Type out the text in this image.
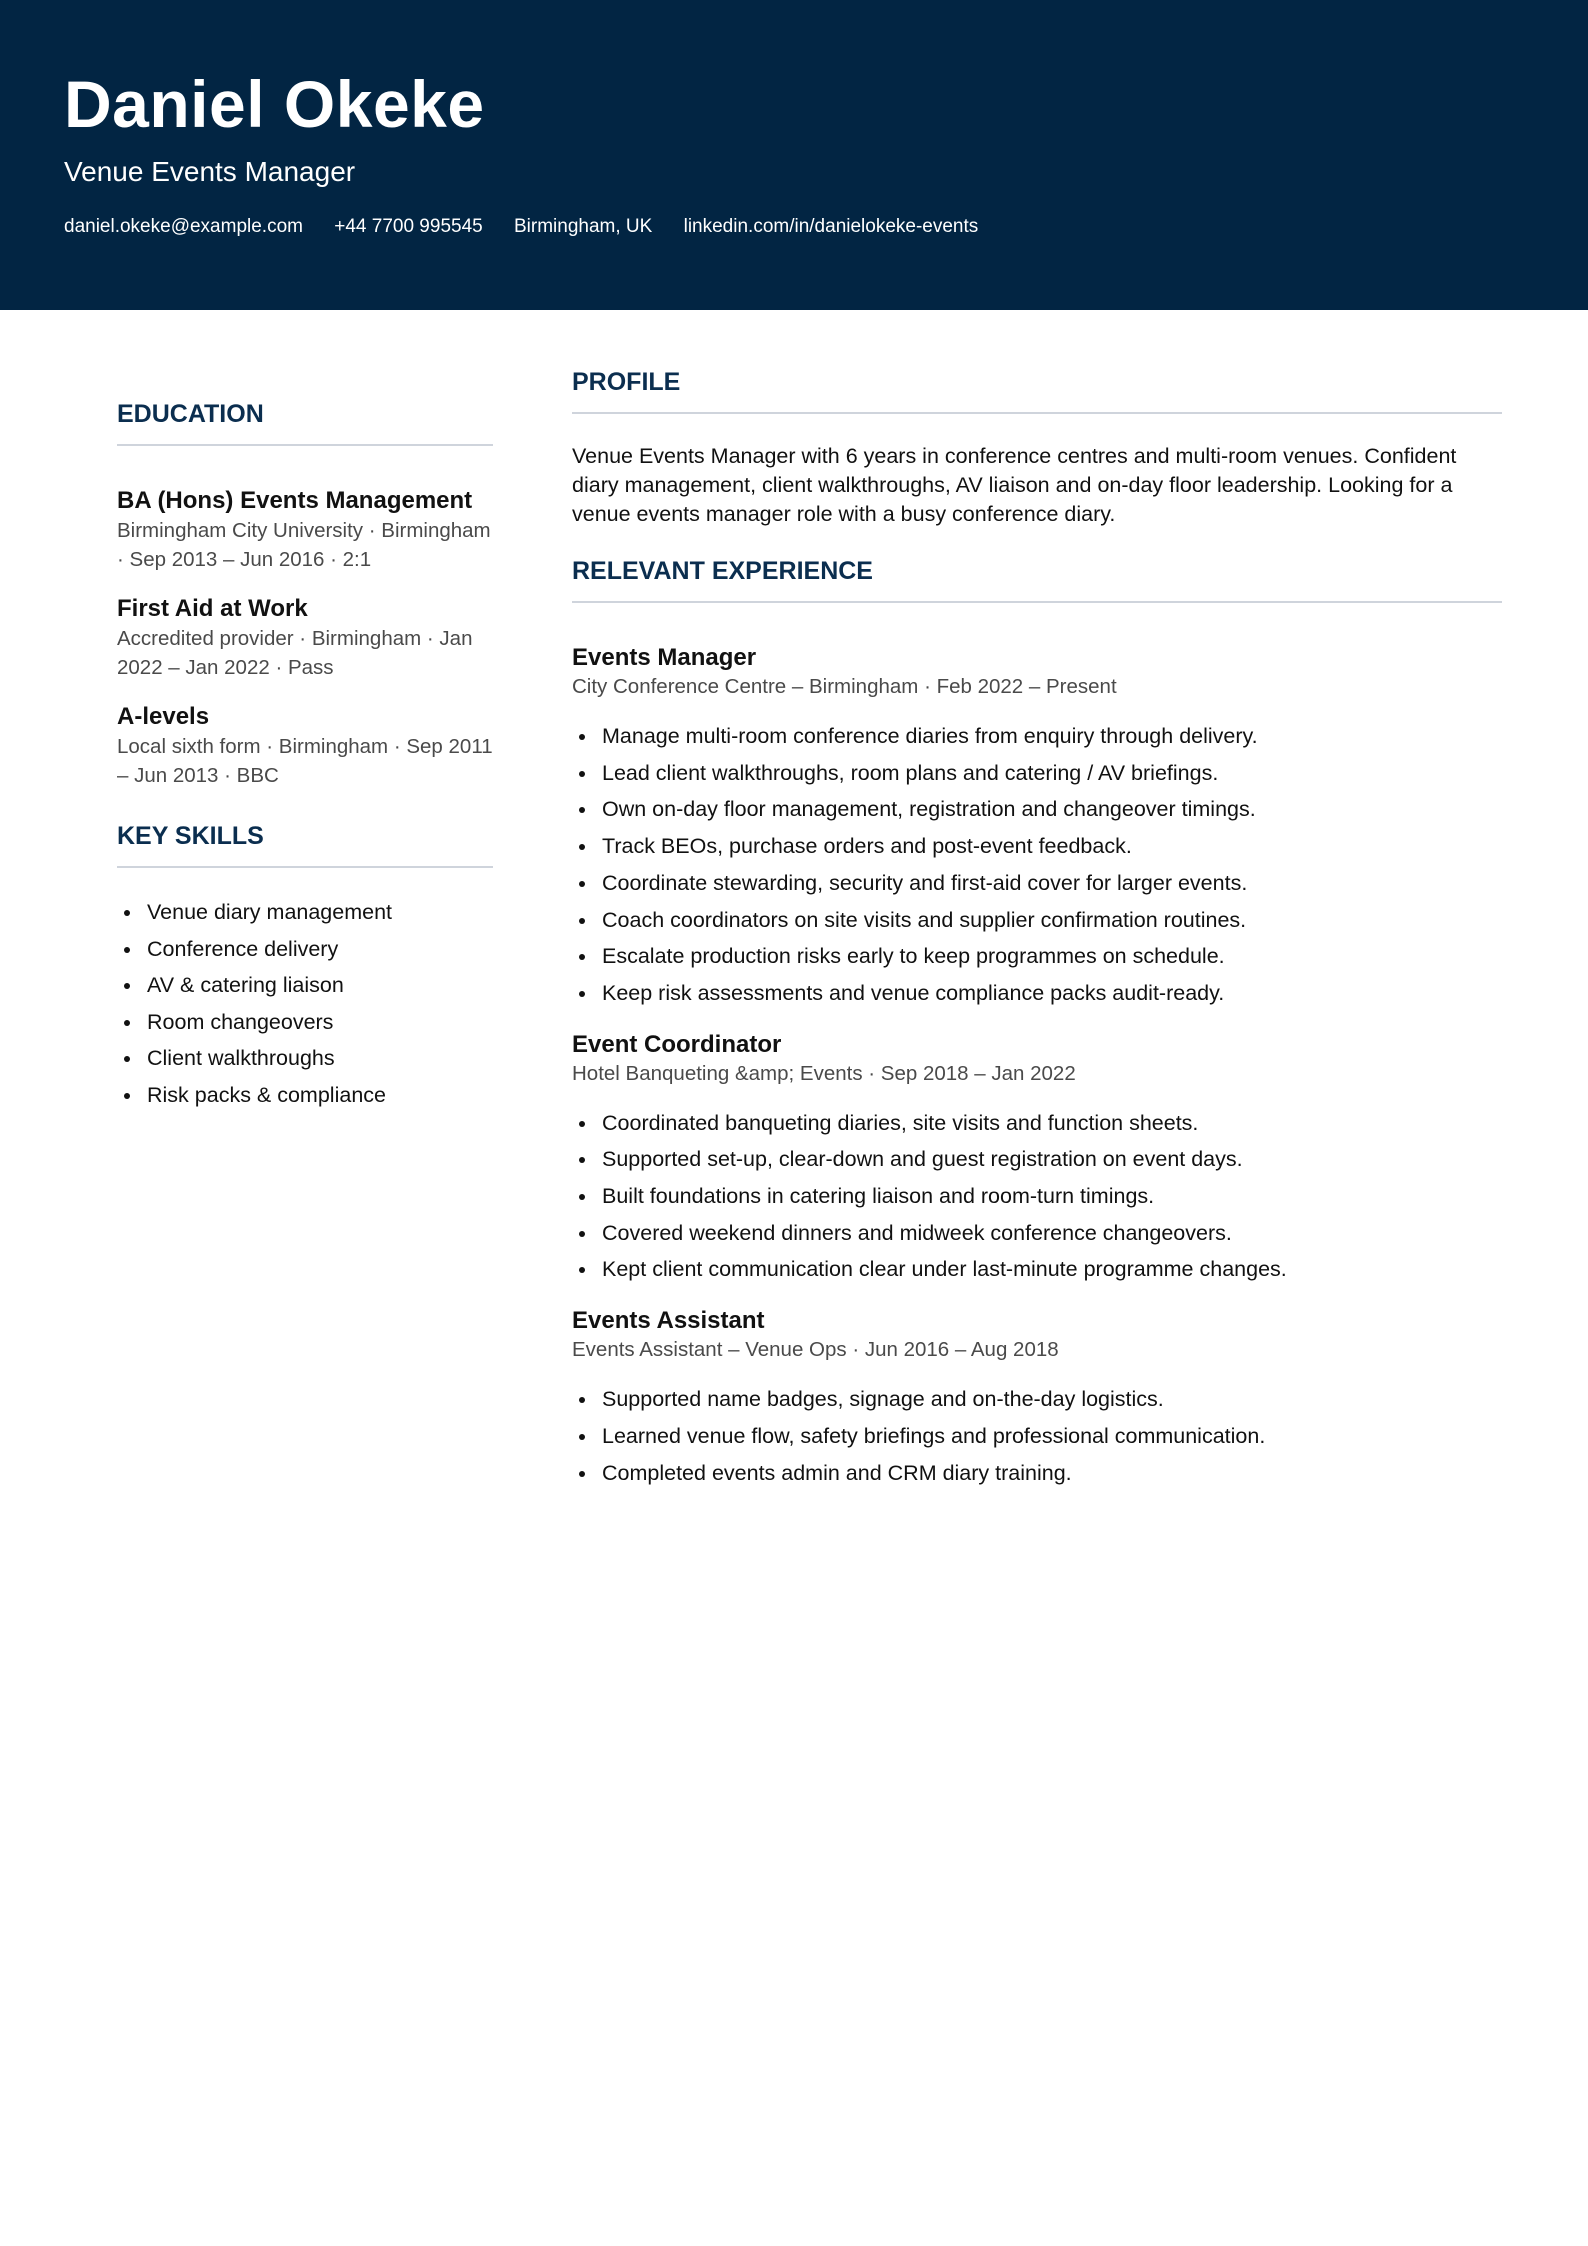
Daniel Okeke
Venue Events Manager
daniel.okeke@example.com +44 7700 995545 Birmingham, UK linkedin.com/in/danielokeke-events
EDUCATION
BA (Hons) Events Management
Birmingham City University · Birmingham · Sep 2013 – Jun 2016 · 2:1
First Aid at Work
Accredited provider · Birmingham · Jan 2022 – Jan 2022 · Pass
A-levels
Local sixth form · Birmingham · Sep 2011 – Jun 2013 · BBC
KEY SKILLS
Venue diary management
Conference delivery
AV & catering liaison
Room changeovers
Client walkthroughs
Risk packs & compliance
PROFILE
Venue Events Manager with 6 years in conference centres and multi-room venues. Confident diary management, client walkthroughs, AV liaison and on-day floor leadership. Looking for a venue events manager role with a busy conference diary.
RELEVANT EXPERIENCE
Events Manager
City Conference Centre – Birmingham · Feb 2022 – Present
Manage multi-room conference diaries from enquiry through delivery.
Lead client walkthroughs, room plans and catering / AV briefings.
Own on-day floor management, registration and changeover timings.
Track BEOs, purchase orders and post-event feedback.
Coordinate stewarding, security and first-aid cover for larger events.
Coach coordinators on site visits and supplier confirmation routines.
Escalate production risks early to keep programmes on schedule.
Keep risk assessments and venue compliance packs audit-ready.
Event Coordinator
Hotel Banqueting &amp; Events · Sep 2018 – Jan 2022
Coordinated banqueting diaries, site visits and function sheets.
Supported set-up, clear-down and guest registration on event days.
Built foundations in catering liaison and room-turn timings.
Covered weekend dinners and midweek conference changeovers.
Kept client communication clear under last-minute programme changes.
Events Assistant
Events Assistant – Venue Ops · Jun 2016 – Aug 2018
Supported name badges, signage and on-the-day logistics.
Learned venue flow, safety briefings and professional communication.
Completed events admin and CRM diary training.
